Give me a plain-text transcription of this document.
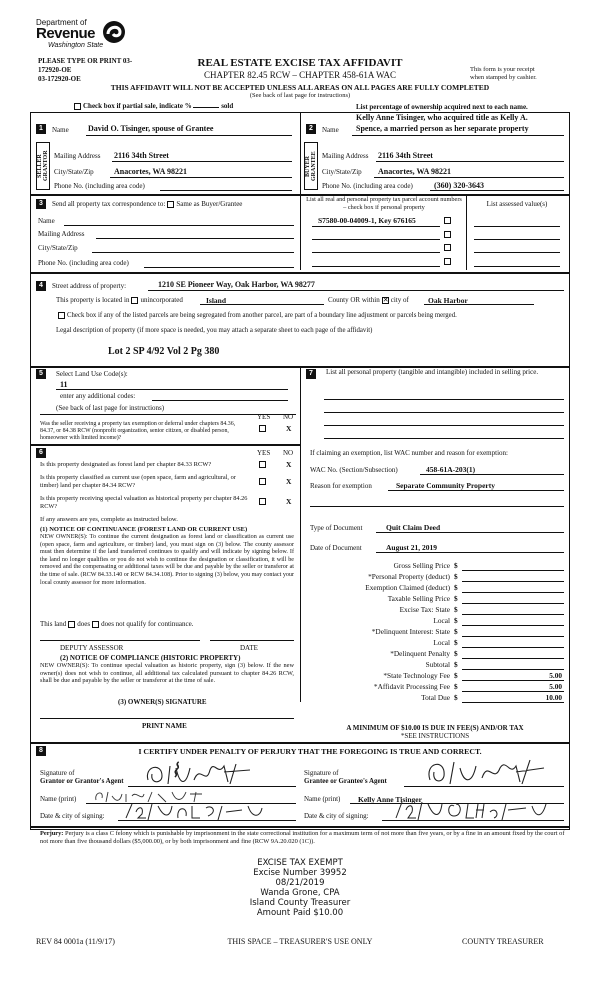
Department of
Revenue
Washington State
PLEASE TYPE OR PRINT 03-
172920-OE
03-172920-OE
REAL ESTATE EXCISE TAX AFFIDAVIT
CHAPTER 82.45 RCW – CHAPTER 458-61A WAC
This form is your receipt
when stamped by cashier.
THIS AFFIDAVIT WILL NOT BE ACCEPTED UNLESS ALL AREAS ON ALL PAGES ARE FULLY COMPLETED
(See back of last page for instructions)
Check box if partial sale, indicate %	sold	List percentage of ownership acquired next to each name.
1	Name David O. Tisinger, spouse of Grantee
SELLER GRANTOR Mailing Address 2116 34th Street
City/State/Zip	Anacortes, WA 98221
Phone No. (including area code)
Kelly Anne Tisinger, who acquired title as Kelly A.
2	Name Spence, a married person as her separate property
BUYER GRANTEE Mailing Address 2116 34th Street
City/State/Zip Anacortes, WA 98221
Phone No. (including area code)	(360) 320-3643
3	Send all property tax correspondence to: Same as Buyer/Grantee
Name
Mailing Address
City/State/Zip
Phone No. (including area code)
List all real and personal property tax parcel account numbers – check box if personal property
S7580-00-04009-1, Key 676165
List assessed value(s)
4	Street address of property:	1210 SE Pioneer Way, Oak Harbor, WA 98277
This property is located in unincorporated	Island	County OR within ✕ city of	Oak Harbor
Check box if any of the listed parcels are being segregated from another parcel, are part of a boundary line adjustment or parcels being merged.
Legal description of property (if more space is needed, you may attach a separate sheet to each page of the affidavit)
Lot 2 SP 4/92 Vol 2 Pg 380
5	Select Land Use Code(s):
11
enter any additional codes:
(See back of last page for instructions)
YES NO
Was the seller receiving a property tax exemption or deferral under chapters 84.36, 84.37, or 84.38 RCW (nonprofit organization, senior citizen, or disabled person, homeowner with limited income)?
X
6	YES NO
Is this property designated as forest land per chapter 84.33 RCW?	X
Is this property classified as current use (open space, farm and agricultural, or timber) land per chapter 84.34 RCW?	X
Is this property receiving special valuation as historical property per chapter 84.26 RCW?	X
If any answers are yes, complete as instructed below.
(1) NOTICE OF CONTINUANCE (FOREST LAND OR CURRENT USE)
NEW OWNER(S): To continue the current designation as forest land or classification as current use (open space, farm and agriculture, or timber) land, you must sign on (3) below. The county assessor must then determine if the land transferred continues to qualify and will indicate by signing below. If the land no longer qualifies or you do not wish to continue the designation or classification, it will be removed and the compensating or additional taxes will be due and payable by the seller or transferor at the time of sale. (RCW 84.33.140 or RCW 84.34.108). Prior to signing (3) below, you may contact your local county assessor for more information.
This land does does not qualify for continuance.
DEPUTY ASSESSOR	DATE
(2) NOTICE OF COMPLIANCE (HISTORIC PROPERTY)
NEW OWNER(S): To continue special valuation as historic property, sign (3) below. If the new owner(s) does not wish to continue, all additional tax calculated pursuant to chapter 84.26 RCW, shall be due and payable by the seller or transferor at the time of sale.
(3) OWNER(S) SIGNATURE
PRINT NAME
7	List all personal property (tangible and intangible) included in selling price.
If claiming an exemption, list WAC number and reason for exemption:
WAC No. (Section/Subsection)	458-61A-203(1)
Reason for exemption	Separate Community Property
Type of Document	Quit Claim Deed
Date of Document	August 21, 2019
Gross Selling Price $
*Personal Property (deduct) $
Exemption Claimed (deduct) $
Taxable Selling Price $
Excise Tax: State $
Local $
*Delinquent Interest: State $
Local $
*Delinquent Penalty $
Subtotal $
*State Technology Fee $	5.00
*Affidavit Processing Fee $	5.00
Total Due $	10.00
A MINIMUM OF $10.00 IS DUE IN FEE(S) AND/OR TAX
*SEE INSTRUCTIONS
8	I CERTIFY UNDER PENALTY OF PERJURY THAT THE FOREGOING IS TRUE AND CORRECT.
Signature of
Grantor or Grantor's Agent ⌇
Name (print)
Date & city of signing:
Signature of
Grantee or Grantee's Agent
Name (print) Kelly Anne Tisinger
Date & city of signing:
Perjury: Perjury is a class C felony which is punishable by imprisonment in the state correctional institution for a maximum term of not more than five years, or by a fine in an amount fixed by the court of not more than five thousand dollars ($5,000.00), or by both imprisonment and fine (RCW 9A.20.020 (1C)).
EXCISE TAX EXEMPT
Excise Number 39952
08/21/2019
Wanda Grone, CPA
Island County Treasurer
Amount Paid $10.00
REV 84 0001a (11/9/17)	THIS SPACE – TREASURER'S USE ONLY	COUNTY TREASURER
